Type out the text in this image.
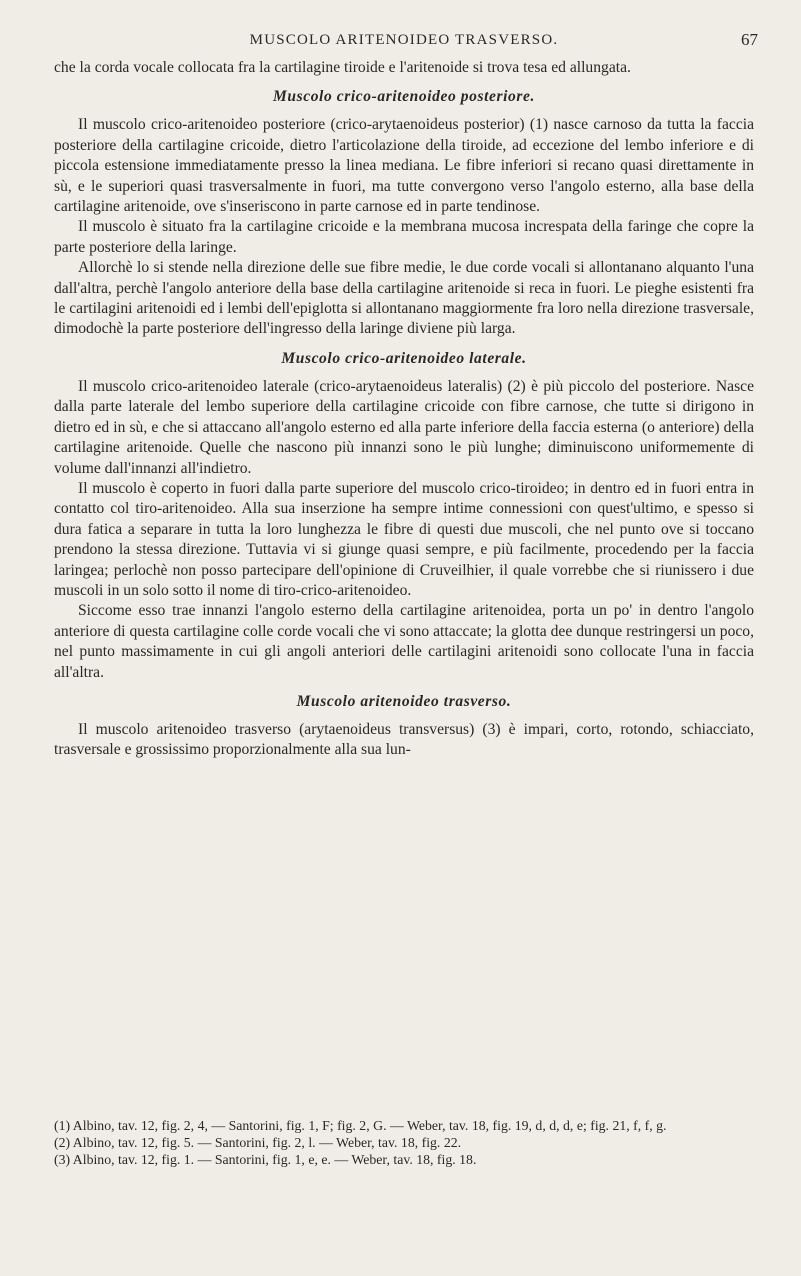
MUSCOLO ARITENOIDEO TRASVERSO.	67

che la corda vocale collocata fra la cartilagine tiroide e l'aritenoide si trova tesa ed allungata.

Muscolo crico-aritenoideo posteriore.

Il muscolo crico-aritenoideo posteriore (crico-arytaenoideus posterior) (1) nasce carnoso da tutta la faccia posteriore della cartilagine cricoide, dietro l'articolazione della tiroide, ad eccezione del lembo inferiore e di piccola estensione immediatamente presso la linea mediana. Le fibre inferiori si recano quasi direttamente in sù, e le superiori quasi trasversalmente in fuori, ma tutte convergono verso l'angolo esterno, alla base della cartilagine aritenoide, ove s'inseriscono in parte carnose ed in parte tendinose.

Il muscolo è situato fra la cartilagine cricoide e la membrana mucosa increspata della faringe che copre la parte posteriore della laringe.

Allorchè lo si stende nella direzione delle sue fibre medie, le due corde vocali si allontanano alquanto l'una dall'altra, perchè l'angolo anteriore della base della cartilagine aritenoide si reca in fuori. Le pieghe esistenti fra le cartilagini aritenoidi ed i lembi dell'epiglotta si allontanano maggiormente fra loro nella direzione trasversale, dimodochè la parte posteriore dell'ingresso della laringe diviene più larga.

Muscolo crico-aritenoideo laterale.

Il muscolo crico-aritenoideo laterale (crico-arytaenoideus lateralis) (2) è più piccolo del posteriore. Nasce dalla parte laterale del lembo superiore della cartilagine cricoide con fibre carnose, che tutte si dirigono in dietro ed in sù, e che si attaccano all'angolo esterno ed alla parte inferiore della faccia esterna (o anteriore) della cartilagine aritenoide. Quelle che nascono più innanzi sono le più lunghe; diminuiscono uniformemente di volume dall'innanzi all'indietro.

Il muscolo è coperto in fuori dalla parte superiore del muscolo crico-tiroideo; in dentro ed in fuori entra in contatto col tiro-aritenoideo. Alla sua inserzione ha sempre intime connessioni con quest'ultimo, e spesso si dura fatica a separare in tutta la loro lunghezza le fibre di questi due muscoli, che nel punto ove si toccano prendono la stessa direzione. Tuttavia vi si giunge quasi sempre, e più facilmente, procedendo per la faccia laringea; perlochè non posso partecipare dell'opinione di Cruveilhier, il quale vorrebbe che si riunissero i due muscoli in un solo sotto il nome di tiro-crico-aritenoideo.

Siccome esso trae innanzi l'angolo esterno della cartilagine aritenoidea, porta un po' in dentro l'angolo anteriore di questa cartilagine colle corde vocali che vi sono attaccate; la glotta dee dunque restringersi un poco, nel punto massimamente in cui gli angoli anteriori delle cartilagini aritenoidi sono collocate l'una in faccia all'altra.

Muscolo aritenoideo trasverso.

Il muscolo aritenoideo trasverso (arytaenoideus transversus) (3) è impari, corto, rotondo, schiacciato, trasversale e grossissimo proporzionalmente alla sua lun-

(1) Albino, tav. 12, fig. 2, 4, — Santorini, fig. 1, F; fig. 2, G. — Weber, tav. 18, fig. 19, d, d, d, e; fig. 21, f, f, g.

(2) Albino, tav. 12, fig. 5. — Santorini, fig. 2, l. — Weber, tav. 18, fig. 22.

(3) Albino, tav. 12, fig. 1. — Santorini, fig. 1, e, e. — Weber, tav. 18, fig. 18.
